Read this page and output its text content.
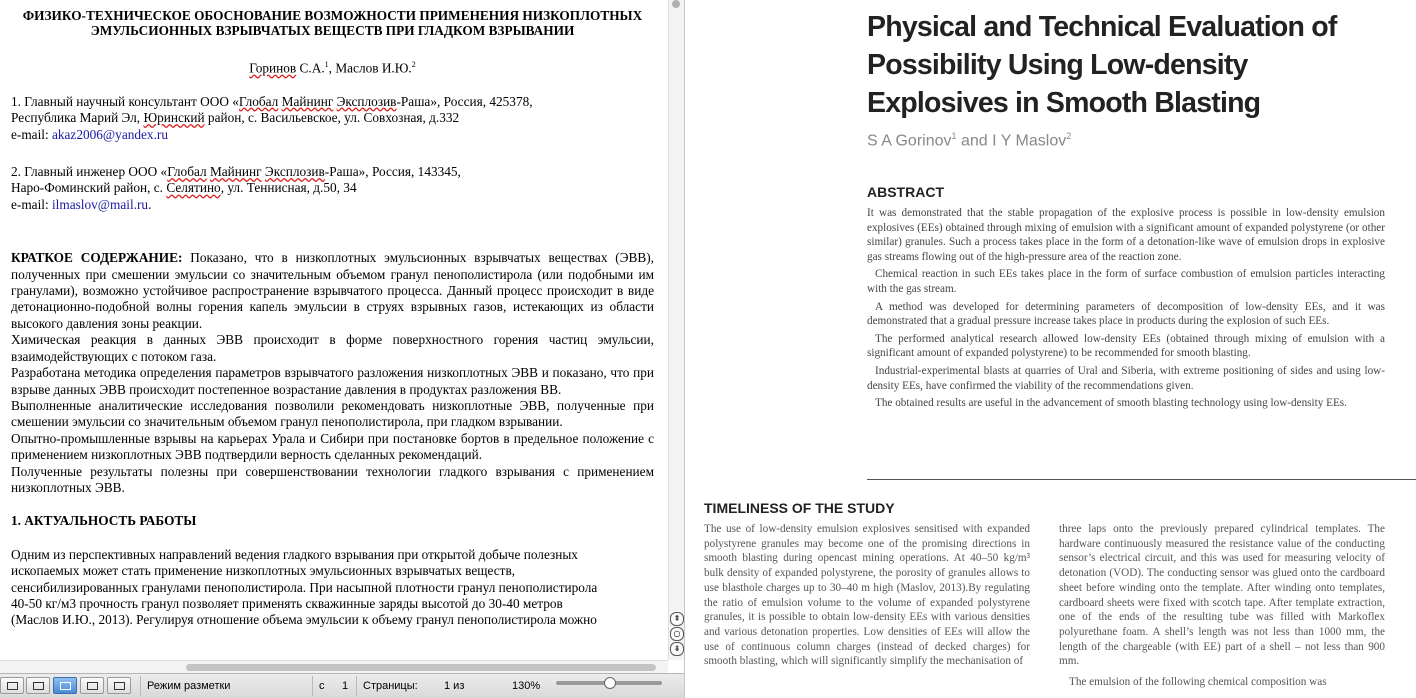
ФИЗИКО-ТЕХНИЧЕСКОЕ ОБОСНОВАНИЕ ВОЗМОЖНОСТИ ПРИМЕНЕНИЯ НИЗКОПЛОТНЫХ ЭМУЛЬСИОННЫХ ВЗРЫВЧАТЫХ ВЕЩЕСТВ ПРИ ГЛАДКОМ ВЗРЫВАНИИ

Горинов С.А.$^1$, Маслов И.Ю.$^2$

1. Главный научный консультант ООО «Глобал Майнинг Эксплозив-Раша», Россия, 425378,

Республика Марий Эл, Юринский район, с. Васильевское, ул. Совхозная, д.332

e-mail: akaz2006@yandex.ru

2. Главный инженер ООО «Глобал Майнинг Эксплозив-Раша», Россия, 143345,

Наро-Фоминский район, с. Селятино, ул. Теннисная, д.50, 34

e-mail: ilmaslov@mail.ru.

КРАТКОЕ СОДЕРЖАНИЕ: Показано, что в низкоплотных эмульсионных взрывчатых веществах (ЭВВ), полученных при смешении эмульсии со значительным объемом гранул пенополистирола (или подобными им гранулами), возможно устойчивое распространение взрывчатого процесса. Данный процесс происходит в виде детонационно-подобной волны горения капель эмульсии в струях взрывных газов, истекающих из области высокого давления зоны реакции.

Химическая реакция в данных ЭВВ происходит в форме поверхностного горения частиц эмульсии, взаимодействующих с потоком газа.

Разработана методика определения параметров взрывчатого разложения низкоплотных ЭВВ и показано, что при взрыве данных ЭВВ происходит постепенное возрастание давления в продуктах разложения ВВ.

Выполненные аналитические исследования позволили рекомендовать низкоплотные ЭВВ, полученные при смешении эмульсии со значительным объемом гранул пенополистирола, при гладком взрывании.

Опытно-промышленные взрывы на карьерах Урала и Сибири при постановке бортов в предельное положение с применением низкоплотных ЭВВ подтвердили верность сделанных рекомендаций.

Полученные результаты полезны при совершенствовании технологии гладкого взрывания с применением низкоплотных ЭВВ.

1. АКТУАЛЬНОСТЬ РАБОТЫ

Одним из перспективных направлений ведения гладкого взрывания при открытой добыче полезных

ископаемых может стать применение низкоплотных эмульсионных взрывчатых веществ,

сенсибилизированных гранулами пенополистирола. При насыпной плотности гранул пенополистирола

40-50 кг/м3 прочность гранул позволяет применять скважинные заряды высотой до 30-40 метров

(Маслов И.Ю., 2013). Регулируя отношение объема эмульсии к объему гранул пенополистирола можно	⇞
○
⇟
Режим разметки	с	1	Страницы:	1 из	130%
Physical and Technical Evaluation of Possibility Using Low-density Explosives in Smooth Blasting
S A Gorinov$^1$ and I Y Maslov$^2$
ABSTRACT

It was demonstrated that the stable propagation of the explosive process is possible in low-density emulsion explosives (EEs) obtained through mixing of emulsion with a significant amount of expanded polystyrene (or other similar) granules. Such a process takes place in the form of a detonation-like wave of emulsion drops in explosive gas streams flowing out of the high-pressure area of the reaction zone.

Chemical reaction in such EEs takes place in the form of surface combustion of emulsion particles interacting with the gas stream.

A method was developed for determining parameters of decomposition of low-density EEs, and it was demonstrated that a gradual pressure increase takes place in products during the explosion of such EEs.

The performed analytical research allowed low-density EEs (obtained through mixing of emulsion with a significant amount of expanded polystyrene) to be recommended for smooth blasting.

Industrial-experimental blasts at quarries of Ural and Siberia, with extreme positioning of sides and using low-density EEs, have confirmed the viability of the recommendations given.

The obtained results are useful in the advancement of smooth blasting technology using low-density EEs.

TIMELINESS OF THE STUDY

The use of low-density emulsion explosives sensitised with expanded polystyrene granules may become one of the promising directions in smooth blasting during opencast mining operations. At 40–50 kg/m³ bulk density of expanded polystyrene, the porosity of granules allows to use blasthole charges up to 30–40 m high (Maslov, 2013).By regulating the ratio of emulsion volume to the volume of expanded polystyrene granules, it is possible to obtain low-density EEs with various densities and various detonation properties. Low densities of EEs will allow the use of continuous column charges (instead of decked charges) for smooth blasting, which will significantly simplify the mechanisation of

three laps onto the previously prepared cylindrical templates. The hardware continuously measured the resistance value of the conducting sensor’s electrical circuit, and this was used for measuring velocity of detonation (VOD). The conducting sensor was glued onto the cardboard sheet before winding onto the template. After winding onto templates, cardboard sheets were fixed with scotch tape. After template extraction, one of the ends of the resulting tube was filled with Markoflex polyurethane foam. A shell’s length was not less than 1000 mm, the length of the chargeable (with EE) part of a shell – not less than 900 mm.

The emulsion of the following chemical composition was
